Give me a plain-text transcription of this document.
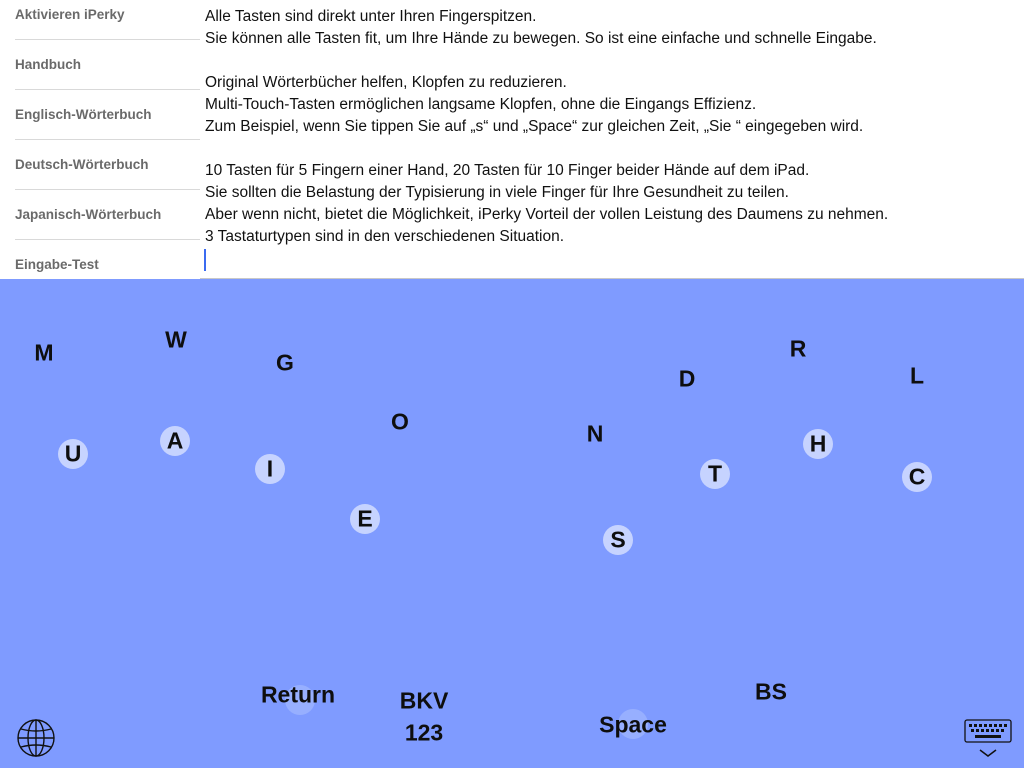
Aktivieren iPerky
Handbuch
Englisch-Wörterbuch
Deutsch-Wörterbuch
Japanisch-Wörterbuch
Eingabe-Test
Alle Tasten sind direkt unter Ihren Fingerspitzen.
Sie können alle Tasten fit, um Ihre Hände zu bewegen. So ist eine einfache und schnelle Eingabe.
Original Wörterbücher helfen, Klopfen zu reduzieren.
Multi-Touch-Tasten ermöglichen langsame Klopfen, ohne die Eingangs Effizienz.
Zum Beispiel, wenn Sie tippen Sie auf „s“ und „Space“ zur gleichen Zeit, „Sie “ eingegeben wird.
10 Tasten für 5 Fingern einer Hand, 20 Tasten für 10 Finger beider Hände auf dem iPad.
Sie sollten die Belastung der Typisierung in viele Finger für Ihre Gesundheit zu teilen.
Aber wenn nicht, bietet die Möglichkeit, iPerky Vorteil der vollen Leistung des Daumens zu nehmen.
3 Tastaturtypen sind in den verschiedenen Situation.
M	W
G
U	A
I
O
E
N
D
R
L
H
T	C
S
Return	BKV
123	Space
BS
